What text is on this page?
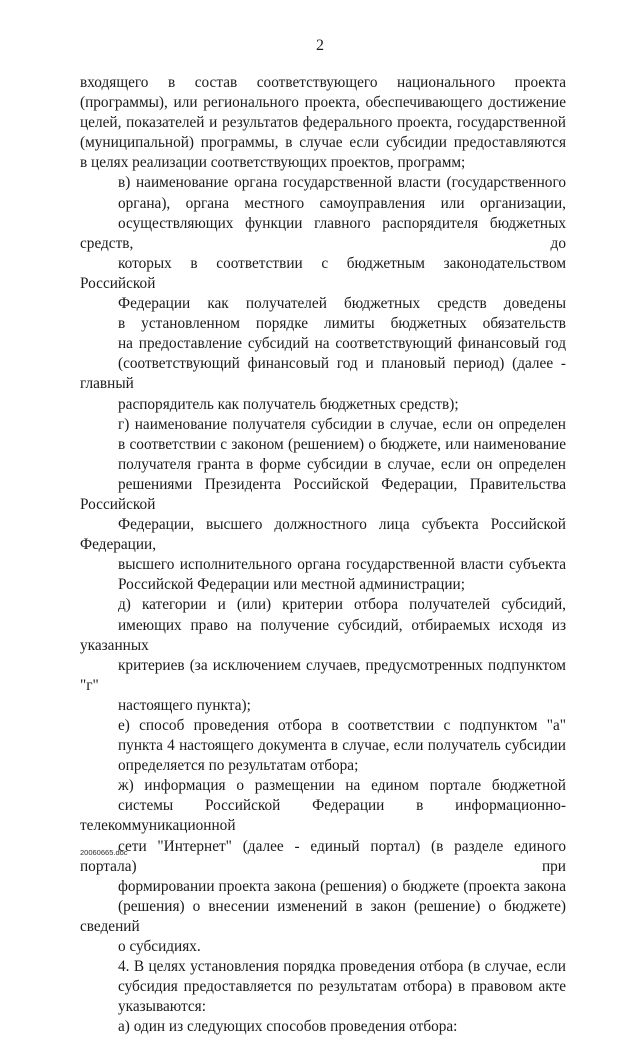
2
входящего в состав соответствующего национального проекта
(программы), или регионального проекта, обеспечивающего достижение
целей, показателей и результатов федерального проекта, государственной
(муниципальной) программы, в случае если субсидии предоставляются
в целях реализации соответствующих проектов, программ;
в) наименование органа государственной власти (государственного
органа), органа местного самоуправления или организации,
осуществляющих функции главного распорядителя бюджетных средств, до
которых в соответствии с бюджетным законодательством Российской
Федерации как получателей бюджетных средств доведены
в установленном порядке лимиты бюджетных обязательств
на предоставление субсидий на соответствующий финансовый год
(соответствующий финансовый год и плановый период) (далее - главный
распорядитель как получатель бюджетных средств);
г) наименование получателя субсидии в случае, если он определен
в соответствии с законом (решением) о бюджете, или наименование
получателя гранта в форме субсидии в случае, если он определен
решениями Президента Российской Федерации, Правительства Российской
Федерации, высшего должностного лица субъекта Российской Федерации,
высшего исполнительного органа государственной власти субъекта
Российской Федерации или местной администрации;
д) категории и (или) критерии отбора получателей субсидий,
имеющих право на получение субсидий, отбираемых исходя из указанных
критериев (за исключением случаев, предусмотренных подпунктом "г"
настоящего пункта);
е) способ проведения отбора в соответствии с подпунктом "а"
пункта 4 настоящего документа в случае, если получатель субсидии
определяется по результатам отбора;
ж) информация о размещении на едином портале бюджетной
системы Российской Федерации в информационно-телекоммуникационной
сети "Интернет" (далее - единый портал) (в разделе единого портала) при
формировании проекта закона (решения) о бюджете (проекта закона
(решения) о внесении изменений в закон (решение) о бюджете) сведений
о субсидиях.
4. В целях установления порядка проведения отбора (в случае, если
субсидия предоставляется по результатам отбора) в правовом акте
указываются:
а) один из следующих способов проведения отбора:
20060665.doc
